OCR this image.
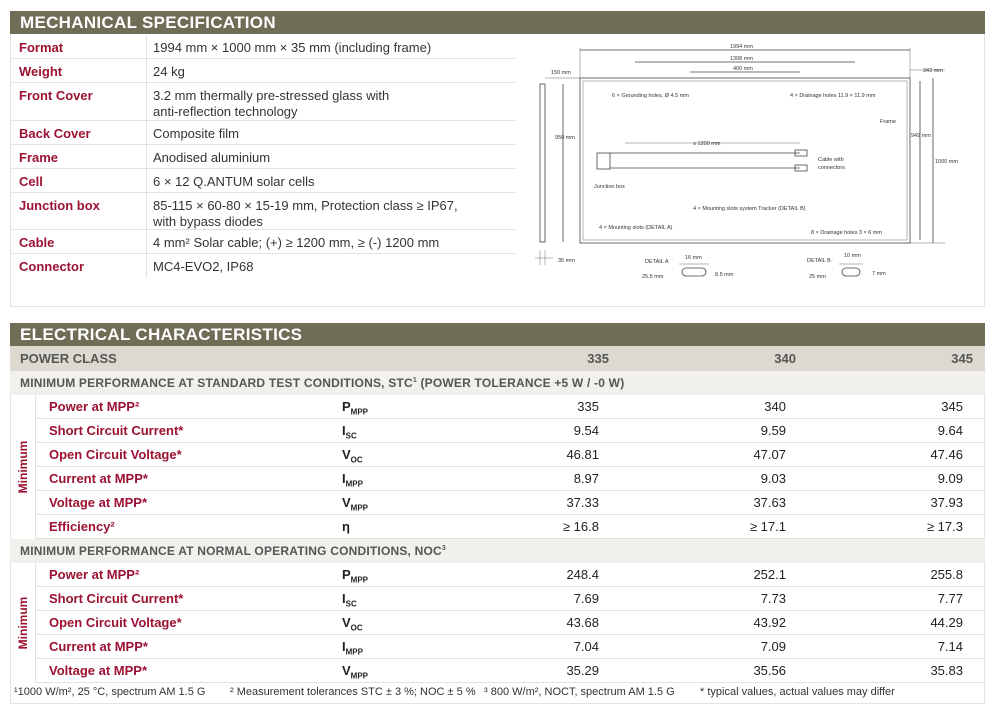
MECHANICAL SPECIFICATION
Format	1994 mm × 1000 mm × 35 mm (including frame)
Weight	24 kg
Front Cover	3.2 mm thermally pre-stressed glass with
anti-reflection technology
Back Cover	Composite film
Frame	Anodised aluminium
Cell	6 × 12 Q.ANTUM solar cells
Junction box	85-115 × 60-80 × 15-19 mm, Protection class ≥ IP67,
with bypass diodes
Cable	4 mm² Solar cable; (+) ≥ 1200 mm, ≥ (-) 1200 mm
Connector	MC4-EVO2, IP68
1994 mm
1308 mm
400 mm
150 mm	343 mm
6 × Grounding holes, Ø 4.5 mm	4 × Drainage holes 11.9 × 11.9 mm
Frame
950 mm	949 mm
1000 mm
≥ 1200 mm
Cable with
connectors
Junction box
4 × Mounting slots system Tracker (DETAIL B)
4 × Mounting slots (DETAIL A)
8 × Drainage holes 3 × 6 mm
35 mm	DETAIL A
16 mm
25.5 mm	8.5 mm
DETAIL B
10 mm
25 mm	7 mm
ELECTRICAL CHARACTERISTICS
POWER CLASS	335	340	345
MINIMUM PERFORMANCE AT STANDARD TEST CONDITIONS, STC$^1$ (POWER TOLERANCE +5 W / -0 W)
Minimum
Power at MPP²	$P_{MPP}$	335	340	345
Short Circuit Current*	$I_{SC}$	9.54	9.59	9.64
Open Circuit Voltage*	$V_{OC}$	46.81	47.07	47.46
Current at MPP*	$I_{MPP}$	8.97	9.03	9.09
Voltage at MPP*	$V_{MPP}$	37.33	37.63	37.93
Efficiency²	η	≥ 16.8	≥ 17.1	≥ 17.3
MINIMUM PERFORMANCE AT NORMAL OPERATING CONDITIONS, NOC$^3$
Minimum
Power at MPP²	$P_{MPP}$	248.4	252.1	255.8
Short Circuit Current*	$I_{SC}$	7.69	7.73	7.77
Open Circuit Voltage*	$V_{OC}$	43.68	43.92	44.29
Current at MPP*	$I_{MPP}$	7.04	7.09	7.14
Voltage at MPP*	$V_{MPP}$	35.29	35.56	35.83
¹1000 W/m², 25 °C, spectrum AM 1.5 G ² Measurement tolerances STC ± 3 %; NOC ± 5 % ³ 800 W/m², NOCT, spectrum AM 1.5 G * typical values, actual values may differ
